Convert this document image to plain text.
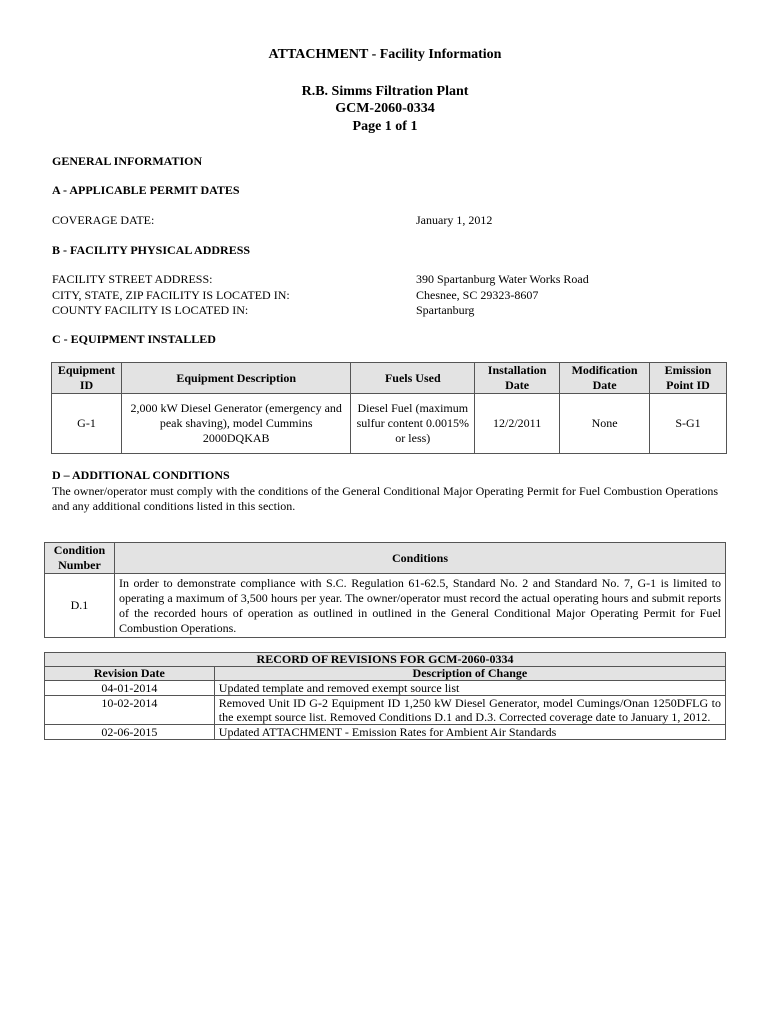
ATTACHMENT - Facility Information
R.B. Simms Filtration Plant
GCM-2060-0334
Page 1 of 1
GENERAL INFORMATION
A - APPLICABLE PERMIT DATES
COVERAGE DATE:	January 1, 2012
B - FACILITY PHYSICAL ADDRESS
FACILITY STREET ADDRESS:	390 Spartanburg Water Works Road
CITY, STATE, ZIP FACILITY IS LOCATED IN:	Chesnee, SC 29323-8607
COUNTY FACILITY IS LOCATED IN:	Spartanburg
C - EQUIPMENT INSTALLED
Equipment ID	Equipment Description	Fuels Used	Installation Date	Modification Date	Emission Point ID
G-1	2,000 kW Diesel Generator (emergency and peak shaving), model Cummins 2000DQKAB	Diesel Fuel (maximum sulfur content 0.0015% or less)	12/2/2011	None	S-G1
D – ADDITIONAL CONDITIONS
The owner/operator must comply with the conditions of the General Conditional Major Operating Permit for Fuel Combustion Operations and any additional conditions listed in this section.
Condition Number	Conditions
D.1	In order to demonstrate compliance with S.C. Regulation 61-62.5, Standard No. 2 and Standard No. 7, G-1 is limited to operating a maximum of 3,500 hours per year. The owner/operator must record the actual operating hours and submit reports of the recorded hours of operation as outlined in outlined in the General Conditional Major Operating Permit for Fuel Combustion Operations.
RECORD OF REVISIONS FOR GCM-2060-0334	
Revision Date	Description of Change
04-01-2014	Updated template and removed exempt source list
10-02-2014	Removed Unit ID G-2 Equipment ID 1,250 kW Diesel Generator, model Cumings/Onan 1250DFLG to the exempt source list. Removed Conditions D.1 and D.3. Corrected coverage date to January 1, 2012.
02-06-2015	Updated ATTACHMENT - Emission Rates for Ambient Air Standards
